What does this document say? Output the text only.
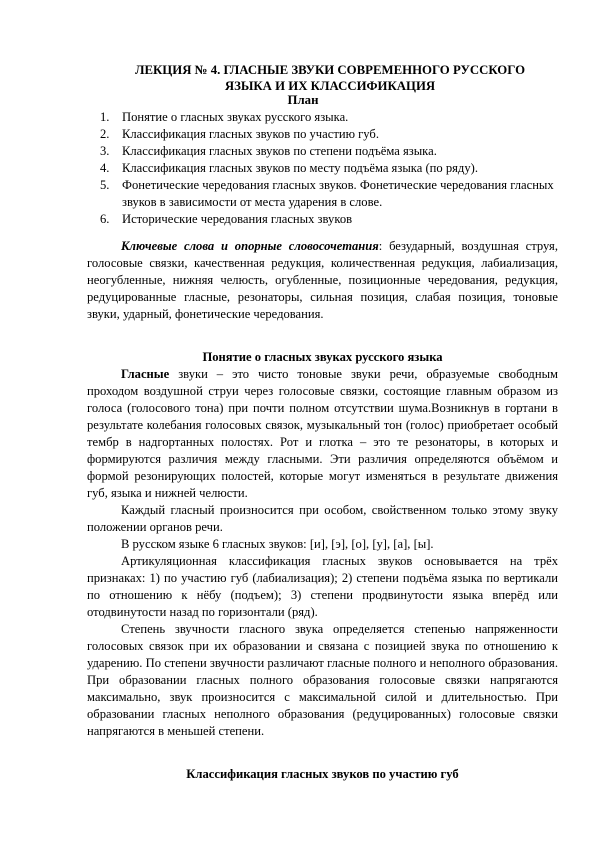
ЛЕКЦИЯ № 4. ГЛАСНЫЕ ЗВУКИ СОВРЕМЕННОГО РУССКОГО
ЯЗЫКА И ИХ КЛАССИФИКАЦИЯ
План
1. Понятие о гласных звуках русского языка.
2. Классификация гласных звуков по участию губ.
3. Классификация гласных звуков по степени подъёма языка.
4. Классификация гласных звуков по месту подъёма языка (по ряду).
5. Фонетические чередования гласных звуков. Фонетические чередования гласных звуков в зависимости от места ударения в слове.
6. Исторические чередования гласных звуков
Ключевые слова и опорные словосочетания: безударный, воздушная струя, голосовые связки, качественная редукция, количественная редукция, лабиализация, неогубленные, нижняя челюсть, огубленные, позиционные чередования, редукция, редуцированные гласные, резонаторы, сильная позиция, слабая позиция, тоновые звуки, ударный, фонетические чередования.
Понятие о гласных звуках русского языка

Гласные звуки – это чисто тоновые звуки речи, образуемые свободным проходом воздушной струи через голосовые связки, состоящие главным образом из голоса (голосового тона) при почти полном отсутствии шума.Возникнув в гортани в результате колебания голосовых связок, музыкальный тон (голос) приобретает особый тембр в надгортанных полостях. Рот и глотка – это те резонаторы, в которых и формируются различия между гласными. Эти различия определяются объёмом и формой резонирующих полостей, которые могут изменяться в результате движения губ, языка и нижней челюсти.

Каждый гласный произносится при особом, свойственном только этому звуку положении органов речи.

В русском языке 6 гласных звуков: [и], [э], [о], [у], [а], [ы].

Артикуляционная классификация гласных звуков основывается на трёх признаках: 1) по участию губ (лабиализация); 2) степени подъёма языка по вертикали по отношению к нёбу (подъем); 3) степени продвинутости языка вперёд или отодвинутости назад по горизонтали (ряд).

Степень звучности гласного звука определяется степенью напряженности голосовых связок при их образовании и связана с позицией звука по отношению к ударению. По степени звучности различают гласные полного и неполного образования. При образовании гласных полного образования голосовые связки напрягаются максимально, звук произносится с максимальной силой и длительностью. При образовании гласных неполного образования (редуцированных) голосовые связки напрягаются в меньшей степени.

Классификация гласных звуков по участию губ
